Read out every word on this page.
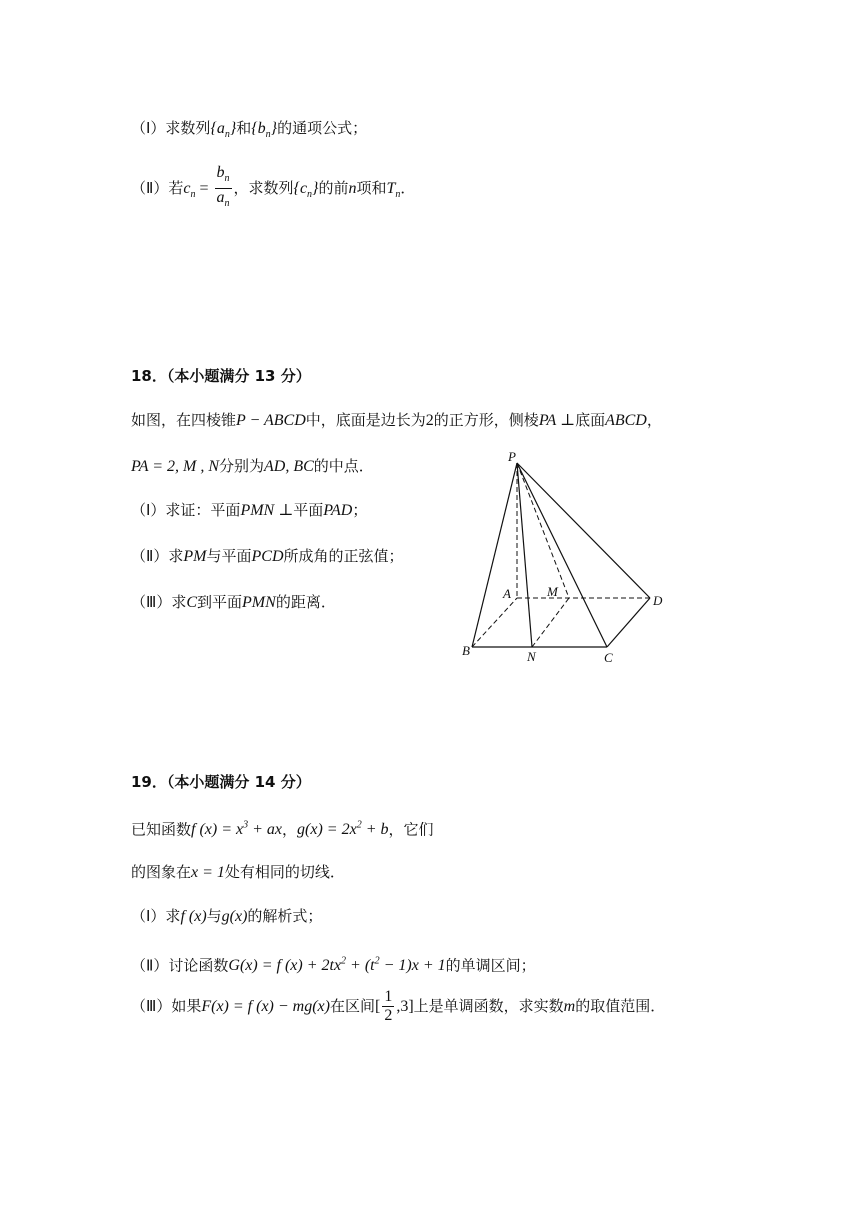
（Ⅰ）求数列$\{a_n\}$和$\{b_n\}$的通项公式；
（Ⅱ）若$c_n = \frac{b_n}{a_n}$ ，求数列$\{c_n\}$的前n项和$T_n$．
18．（本小题满分 13 分）
如图，在四棱锥P − ABCD中，底面是边长为2的正方形，侧棱PA ⊥底面ABCD，
PA = 2, M , N分别为AD, BC的中点．
（Ⅰ）求证：平面PMN ⊥平面PAD；
（Ⅱ）求PM与平面PCD所成角的正弦值；
（Ⅲ）求C到平面PMN的距离．
P
A	M
D
B	N	C
19．（本小题满分 14 分）
已知函数f $(x) = x^3$ + ax，$g(x) = 2x^2 + b$，它们
的图象在x = 1处有相同的切线．
（Ⅰ）求f (x)与g(x)的解析式；
（Ⅱ）讨论函数G(x) = f $(x) + 2tx^2 + (t^2 - 1)x + 1$的单调区间；
（Ⅲ）如果F(x) = f (x) − mg(x)在区间[ $\frac{1}{2} ,3$]上是单调函数，求实数m的取值范围．
